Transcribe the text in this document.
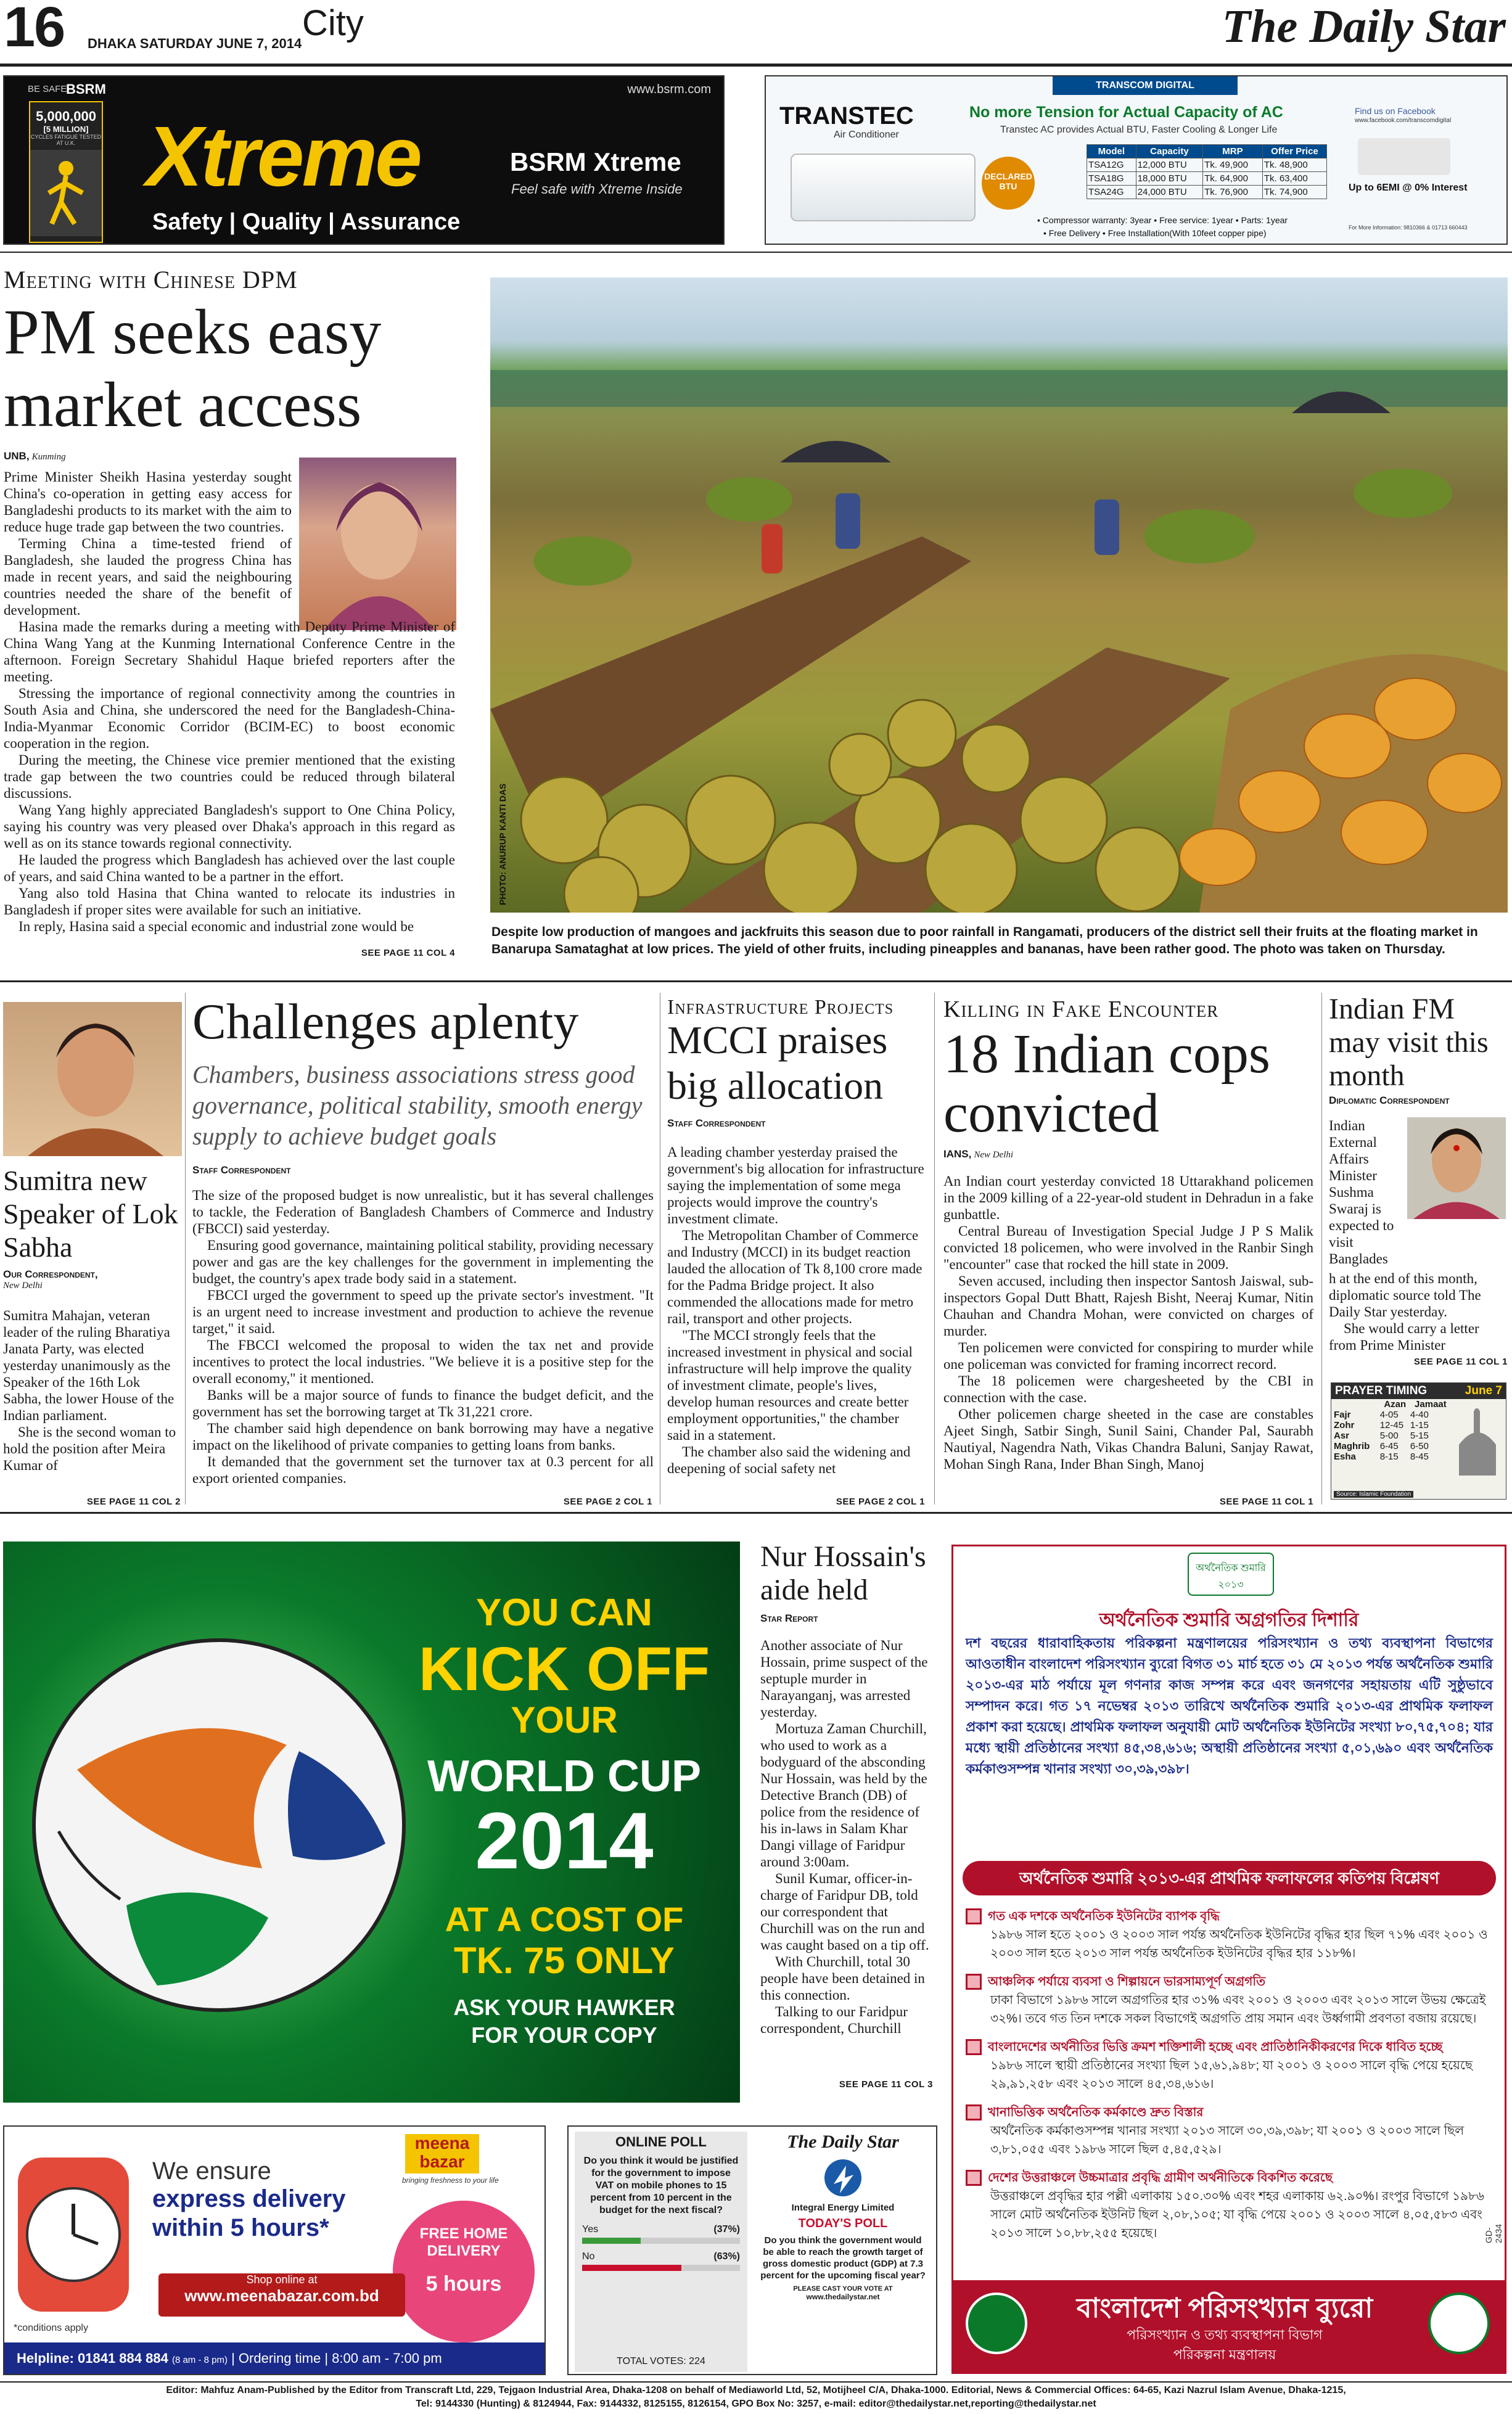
16 DHAKA SATURDAY JUNE 7, 2014
City	The Daily Star
BE SAFE
BSRM	www.bsrm.com
5,000,000
[5 MILLION]
CYCLES FATIGUE TESTED AT U.K. Xtreme
Safety | Quality | Assurance
BSRM Xtreme
Feel safe with Xtreme Inside
TRANSCOM DIGITAL
TRANSTEC
Air Conditioner
DECLARED BTU
No more Tension for Actual Capacity of AC
Transtec AC provides Actual BTU, Faster Cooling & Longer Life
Model	Capacity	MRP	Offer Price
TSA12G	12,000 BTU	Tk. 49,900	Tk. 48,900
TSA18G	18,000 BTU	Tk. 64,900	Tk. 63,400
TSA24G	24,000 BTU	Tk. 76,900	Tk. 74,900
• Compressor warranty: 3year • Free service: 1year • Parts: 1year
• Free Delivery • Free Installation(With 10feet copper pipe)
Find us on Facebook
www.facebook.com/transcomdigital
Up to 6EMI @ 0% Interest
For More Information: 9810366 & 01713 660443
Meeting with Chinese DPM
PM seeks easy market access
UNB, Kunming

Prime Minister Sheikh Hasina yesterday sought China's co-operation in getting easy access for Bangladeshi products to its market with the aim to reduce huge trade gap between the two countries.

Terming China a time-tested friend of Bangladesh, she lauded the progress China has made in recent years, and said the neighbouring countries needed the share of the benefit of development.

Hasina made the remarks during a meeting with Deputy Prime Minister of China Wang Yang at the Kunming International Conference Centre in the afternoon. Foreign Secretary Shahidul Haque briefed reporters after the meeting.

Stressing the importance of regional connectivity among the countries in South Asia and China, she underscored the need for the Bangladesh-China-India-Myanmar Economic Corridor (BCIM-EC) to boost economic cooperation in the region.

During the meeting, the Chinese vice premier mentioned that the existing trade gap between the two countries could be reduced through bilateral discussions.

Wang Yang highly appreciated Bangladesh's support to One China Policy, saying his country was very pleased over Dhaka's approach in this regard as well as on its stance towards regional connectivity.

He lauded the progress which Bangladesh has achieved over the last couple of years, and said China wanted to be a partner in the effort.

Yang also told Hasina that China wanted to relocate its industries in Bangladesh if proper sites were available for such an initiative.

In reply, Hasina said a special economic and industrial zone would be

SEE PAGE 11 COL 4
PHOTO: ANURUP KANTI DAS
Despite low production of mangoes and jackfruits this season due to poor rainfall in Rangamati, producers of the district sell their fruits at the floating market in Banarupa Samataghat at low prices. The yield of other fruits, including pineapples and bananas, have been rather good. The photo was taken on Thursday.
Sumitra new Speaker of Lok Sabha
Our Correspondent,
New Delhi

Sumitra Mahajan, veteran leader of the ruling Bharatiya Janata Party, was elected yesterday unanimously as the Speaker of the 16th Lok Sabha, the lower House of the Indian parliament.

She is the second woman to hold the position after Meira Kumar of

SEE PAGE 11 COL 2
Challenges aplenty
Chambers, business associations stress good governance, political stability, smooth energy supply to achieve budget goals
Staff Correspondent

The size of the proposed budget is now unrealistic, but it has several challenges to tackle, the Federation of Bangladesh Chambers of Commerce and Industry (FBCCI) said yesterday.

Ensuring good governance, maintaining political stability, providing necessary power and gas are the key challenges for the government in implementing the budget, the country's apex trade body said in a statement.

FBCCI urged the government to speed up the private sector's investment. "It is an urgent need to increase investment and production to achieve the revenue target," it said.

The FBCCI welcomed the proposal to widen the tax net and provide incentives to protect the local industries. "We believe it is a positive step for the overall economy," it mentioned.

Banks will be a major source of funds to finance the budget deficit, and the government has set the borrowing target at Tk 31,221 crore.

The chamber said high dependence on bank borrowing may have a negative impact on the likelihood of private companies to getting loans from banks.

It demanded that the government set the turnover tax at 0.3 percent for all export oriented companies.

SEE PAGE 2 COL 1
Infrastructure Projects
MCCI praises big allocation
Staff Correspondent

A leading chamber yesterday praised the government's big allocation for infrastructure saying the implementation of some mega projects would improve the country's investment climate.

The Metropolitan Chamber of Commerce and Industry (MCCI) in its budget reaction lauded the allocation of Tk 8,100 crore made for the Padma Bridge project. It also commended the allocations made for metro rail, transport and other projects.

"The MCCI strongly feels that the increased investment in physical and social infrastructure will help improve the quality of investment climate, people's lives, develop human resources and create better employment opportunities," the chamber said in a statement.

The chamber also said the widening and deepening of social safety net

SEE PAGE 2 COL 1
Killing in Fake Encounter
18 Indian cops convicted
IANS, New Delhi

An Indian court yesterday convicted 18 Uttarakhand policemen in the 2009 killing of a 22-year-old student in Dehradun in a fake gunbattle.

Central Bureau of Investigation Special Judge J P S Malik convicted 18 policemen, who were involved in the Ranbir Singh "encounter" case that rocked the hill state in 2009.

Seven accused, including then inspector Santosh Jaiswal, sub-inspectors Gopal Dutt Bhatt, Rajesh Bisht, Neeraj Kumar, Nitin Chauhan and Chandra Mohan, were convicted on charges of murder.

Ten policemen were convicted for conspiring to murder while one policeman was convicted for framing incorrect record.

The 18 policemen were chargesheeted by the CBI in connection with the case.

Other policemen charge sheeted in the case are constables Ajeet Singh, Satbir Singh, Sunil Saini, Chander Pal, Saurabh Nautiyal, Nagendra Nath, Vikas Chandra Baluni, Sanjay Rawat, Mohan Singh Rana, Inder Bhan Singh, Manoj

SEE PAGE 11 COL 1
Indian FM may visit this month
Diplomatic Correspondent
Indian External Affairs Minister Sushma Swaraj is expected to visit Banglades

h at the end of this month, diplomatic source told The Daily Star yesterday.

She would carry a letter from Prime Minister

SEE PAGE 11 COL 1
PRAYER TIMING	June 7
	Azan	Jamaat
Fajr	4-05	4-40
Zohr	12-45	1-15
Asr	5-00	5-15
Maghrib	6-45	6-50
Esha	8-15	8-45
Source: Islamic Foundation
YOU CAN
KICK OFF
YOUR
WORLD CUP
2014
AT A COST OF
TK. 75 ONLY
ASK YOUR HAWKER
FOR YOUR COPY
Nur Hossain's aide held
Star Report

Another associate of Nur Hossain, prime suspect of the septuple murder in Narayanganj, was arrested yesterday.

Mortuza Zaman Churchill, who used to work as a bodyguard of the absconding Nur Hossain, was held by the Detective Branch (DB) of police from the residence of his in-laws in Salam Khar Dangi village of Faridpur around 3:00am.

Sunil Kumar, officer-in-charge of Faridpur DB, told our correspondent that Churchill was on the run and was caught based on a tip off.

With Churchill, total 30 people have been detained in this connection.

Talking to our Faridpur correspondent, Churchill

SEE PAGE 11 COL 3
অর্থনৈতিক শুমারি ২০১৩
অর্থনৈতিক শুমারি অগ্রগতির দিশারি
দশ বছরের ধারাবাহিকতায় পরিকল্পনা মন্ত্রণালয়ের পরিসংখ্যান ও তথ্য ব্যবস্থাপনা বিভাগের আওতাধীন বাংলাদেশ পরিসংখ্যান ব্যুরো বিগত ৩১ মার্চ হতে ৩১ মে ২০১৩ পর্যন্ত অর্থনৈতিক শুমারি ২০১৩-এর মাঠ পর্যায়ে মূল গণনার কাজ সম্পন্ন করে এবং জনগণের সহায়তায় এটি সুষ্ঠুভাবে সম্পাদন করে। গত ১৭ নভেম্বর ২০১৩ তারিখে অর্থনৈতিক শুমারি ২০১৩-এর প্রাথমিক ফলাফল প্রকাশ করা হয়েছে। প্রাথমিক ফলাফল অনুযায়ী মোট অর্থনৈতিক ইউনিটের সংখ্যা ৮০,৭৫,৭০৪; যার মধ্যে স্থায়ী প্রতিষ্ঠানের সংখ্যা ৪৫,৩৪,৬১৬; অস্থায়ী প্রতিষ্ঠানের সংখ্যা ৫,০১,৬৯০ এবং অর্থনৈতিক কর্মকাণ্ডসম্পন্ন খানার সংখ্যা ৩০,৩৯,৩৯৮।
অর্থনৈতিক শুমারি ২০১৩-এর প্রাথমিক ফলাফলের কতিপয় বিশ্লেষণ
গত এক দশকে অর্থনৈতিক ইউনিটের ব্যাপক বৃদ্ধি
১৯৮৬ সাল হতে ২০০১ ও ২০০৩ সাল পর্যন্ত অর্থনৈতিক ইউনিটের বৃদ্ধির হার ছিল ৭১% এবং ২০০১ ও ২০০৩ সাল হতে ২০১৩ সাল পর্যন্ত অর্থনৈতিক ইউনিটের বৃদ্ধির হার ১১৮%।
আঞ্চলিক পর্যায়ে ব্যবসা ও শিল্পায়নে ভারসাম্যপূর্ণ অগ্রগতি
ঢাকা বিভাগে ১৯৮৬ সালে অগ্রগতির হার ৩১% এবং ২০০১ ও ২০০৩ এবং ২০১৩ সালে উভয় ক্ষেত্রেই ৩২%। তবে গত তিন দশকে সকল বিভাগেই অগ্রগতি প্রায় সমান এবং উর্ধ্বগামী প্রবণতা বজায় রয়েছে।
বাংলাদেশের অর্থনীতির ভিত্তি ক্রমশ শক্তিশালী হচ্ছে এবং প্রাতিষ্ঠানিকীকরণের দিকে ধাবিত হচ্ছে
১৯৮৬ সালে স্থায়ী প্রতিষ্ঠানের সংখ্যা ছিল ১৫,৬১,৯৪৮; যা ২০০১ ও ২০০৩ সালে বৃদ্ধি পেয়ে হয়েছে ২৯,৯১,২৫৮ এবং ২০১৩ সালে ৪৫,৩৪,৬১৬।
খানাভিত্তিক অর্থনৈতিক কর্মকাণ্ডে দ্রুত বিস্তার
অর্থনৈতিক কর্মকাণ্ডসম্পন্ন খানার সংখ্যা ২০১৩ সালে ৩০,৩৯,৩৯৮; যা ২০০১ ও ২০০৩ সালে ছিল ৩,৮১,০৫৫ এবং ১৯৮৬ সালে ছিল ৫,৪৫,৫২৯।
দেশের উত্তরাঞ্চলে উচ্চমাত্রার প্রবৃদ্ধি গ্রামীণ অর্থনীতিকে বিকশিত করেছে
উত্তরাঞ্চলে প্রবৃদ্ধির হার পল্লী এলাকায় ১৫০.৩০% এবং শহর এলাকায় ৬২.৯০%। রংপুর বিভাগে ১৯৮৬ সালে মোট অর্থনৈতিক ইউনিট ছিল ২,০৮,১০৫; যা বৃদ্ধি পেয়ে ২০০১ ও ২০০৩ সালে ৪,০৫,৫৮৩ এবং ২০১৩ সালে ১০,৮৮,২৫৫ হয়েছে।
বাংলাদেশ পরিসংখ্যান ব্যুরো
পরিসংখ্যান ও তথ্য ব্যবস্থাপনা বিভাগ
পরিকল্পনা মন্ত্রণালয়
GD-2434
meena bazar
bringing freshness to your life
We ensure
express delivery
within 5 hours*	FREE HOME DELIVERY
5 hours
Shop online at
www.meenabazar.com.bd
*conditions apply
Helpline: 01841 884 884 (8 am - 8 pm) | Ordering time | 8:00 am - 7:00 pm
ONLINE POLL
Do you think it would be justified for the government to impose VAT on mobile phones to 15 percent from 10 percent in the budget for the next fiscal?
Yes	(37%)
No	(63%)
TOTAL VOTES: 224
The Daily Star
Integral Energy Limited
TODAY'S POLL
Do you think the government would be able to reach the growth target of gross domestic product (GDP) at 7.3 percent for the upcoming fiscal year?
PLEASE CAST YOUR VOTE AT
www.thedailystar.net
Editor: Mahfuz Anam-Published by the Editor from Transcraft Ltd, 229, Tejgaon Industrial Area, Dhaka-1208 on behalf of Mediaworld Ltd, 52, Motijheel C/A, Dhaka-1000. Editorial, News & Commercial Offices: 64-65, Kazi Nazrul Islam Avenue, Dhaka-1215,
Tel: 9144330 (Hunting) & 8124944, Fax: 9144332, 8125155, 8126154, GPO Box No: 3257, e-mail: editor@thedailystar.net,reporting@thedailystar.net
